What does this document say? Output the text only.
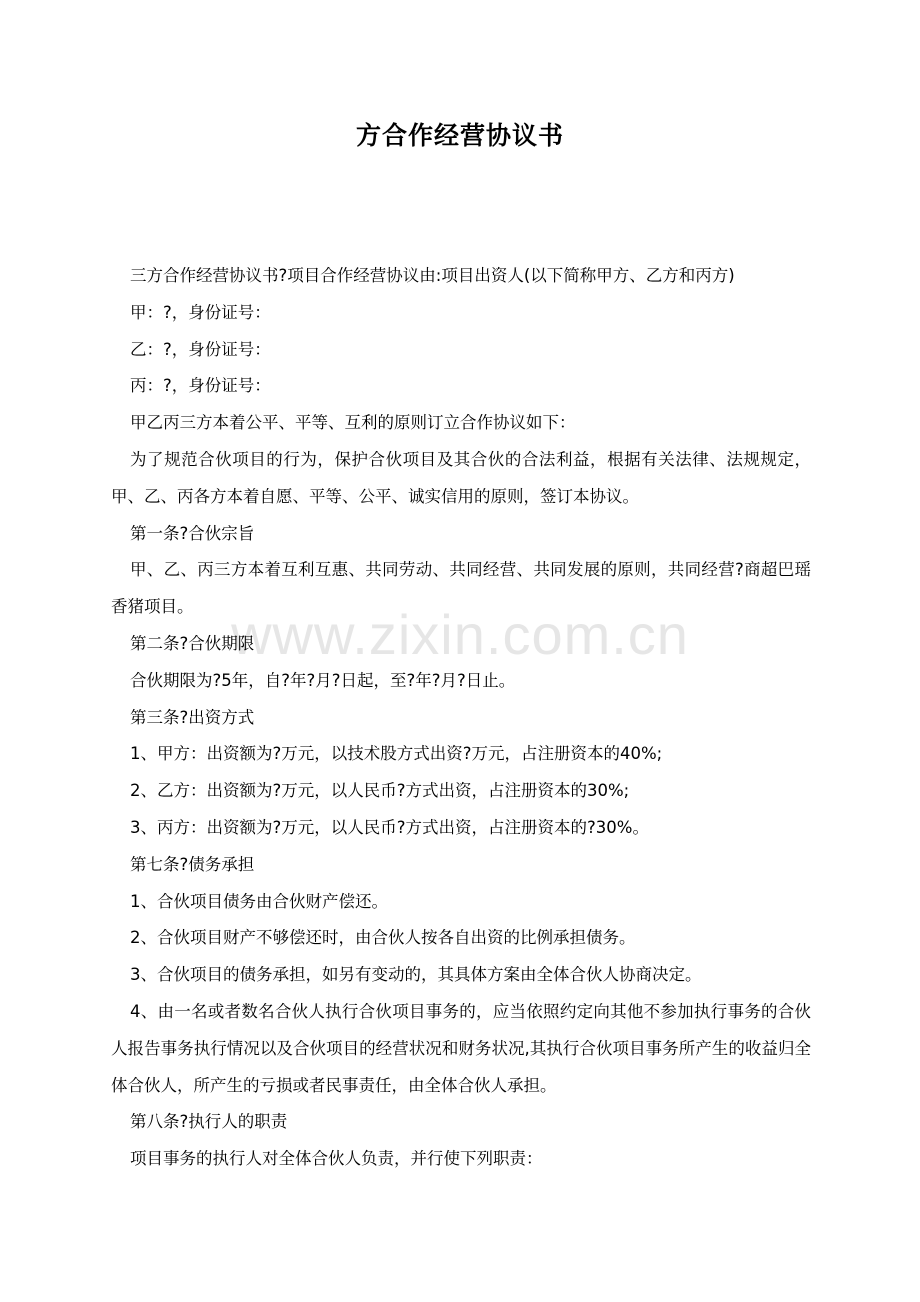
www.zixin.com.cn
方合作经营协议书

三方合作经营协议书?项目合作经营协议由:项目出资人(以下简称甲方、乙方和丙方)

甲：?，身份证号：

乙：?，身份证号：

丙：?，身份证号：

甲乙丙三方本着公平、平等、互利的原则订立合作协议如下：

为了规范合伙项目的行为，保护合伙项目及其合伙的合法利益，根据有关法律、法规规定，甲、乙、丙各方本着自愿、平等、公平、诚实信用的原则，签订本协议。

第一条?合伙宗旨

甲、乙、丙三方本着互利互惠、共同劳动、共同经营、共同发展的原则，共同经营?商超巴瑶香猪项目。

第二条?合伙期限

合伙期限为?5年，自?年?月?日起，至?年?月?日止。

第三条?出资方式

1、甲方：出资额为?万元，以技术股方式出资?万元，占注册资本的40%;

2、乙方：出资额为?万元，以人民币?方式出资，占注册资本的30%;

3、丙方：出资额为?万元，以人民币?方式出资，占注册资本的?30%。

第七条?债务承担

1、合伙项目债务由合伙财产偿还。

2、合伙项目财产不够偿还时，由合伙人按各自出资的比例承担债务。

3、合伙项目的债务承担，如另有变动的，其具体方案由全体合伙人协商决定。

4、由一名或者数名合伙人执行合伙项目事务的，应当依照约定向其他不参加执行事务的合伙人报告事务执行情况以及合伙项目的经营状况和财务状况,其执行合伙项目事务所产生的收益归全体合伙人，所产生的亏损或者民事责任，由全体合伙人承担。

第八条?执行人的职责

项目事务的执行人对全体合伙人负责，并行使下列职责：
